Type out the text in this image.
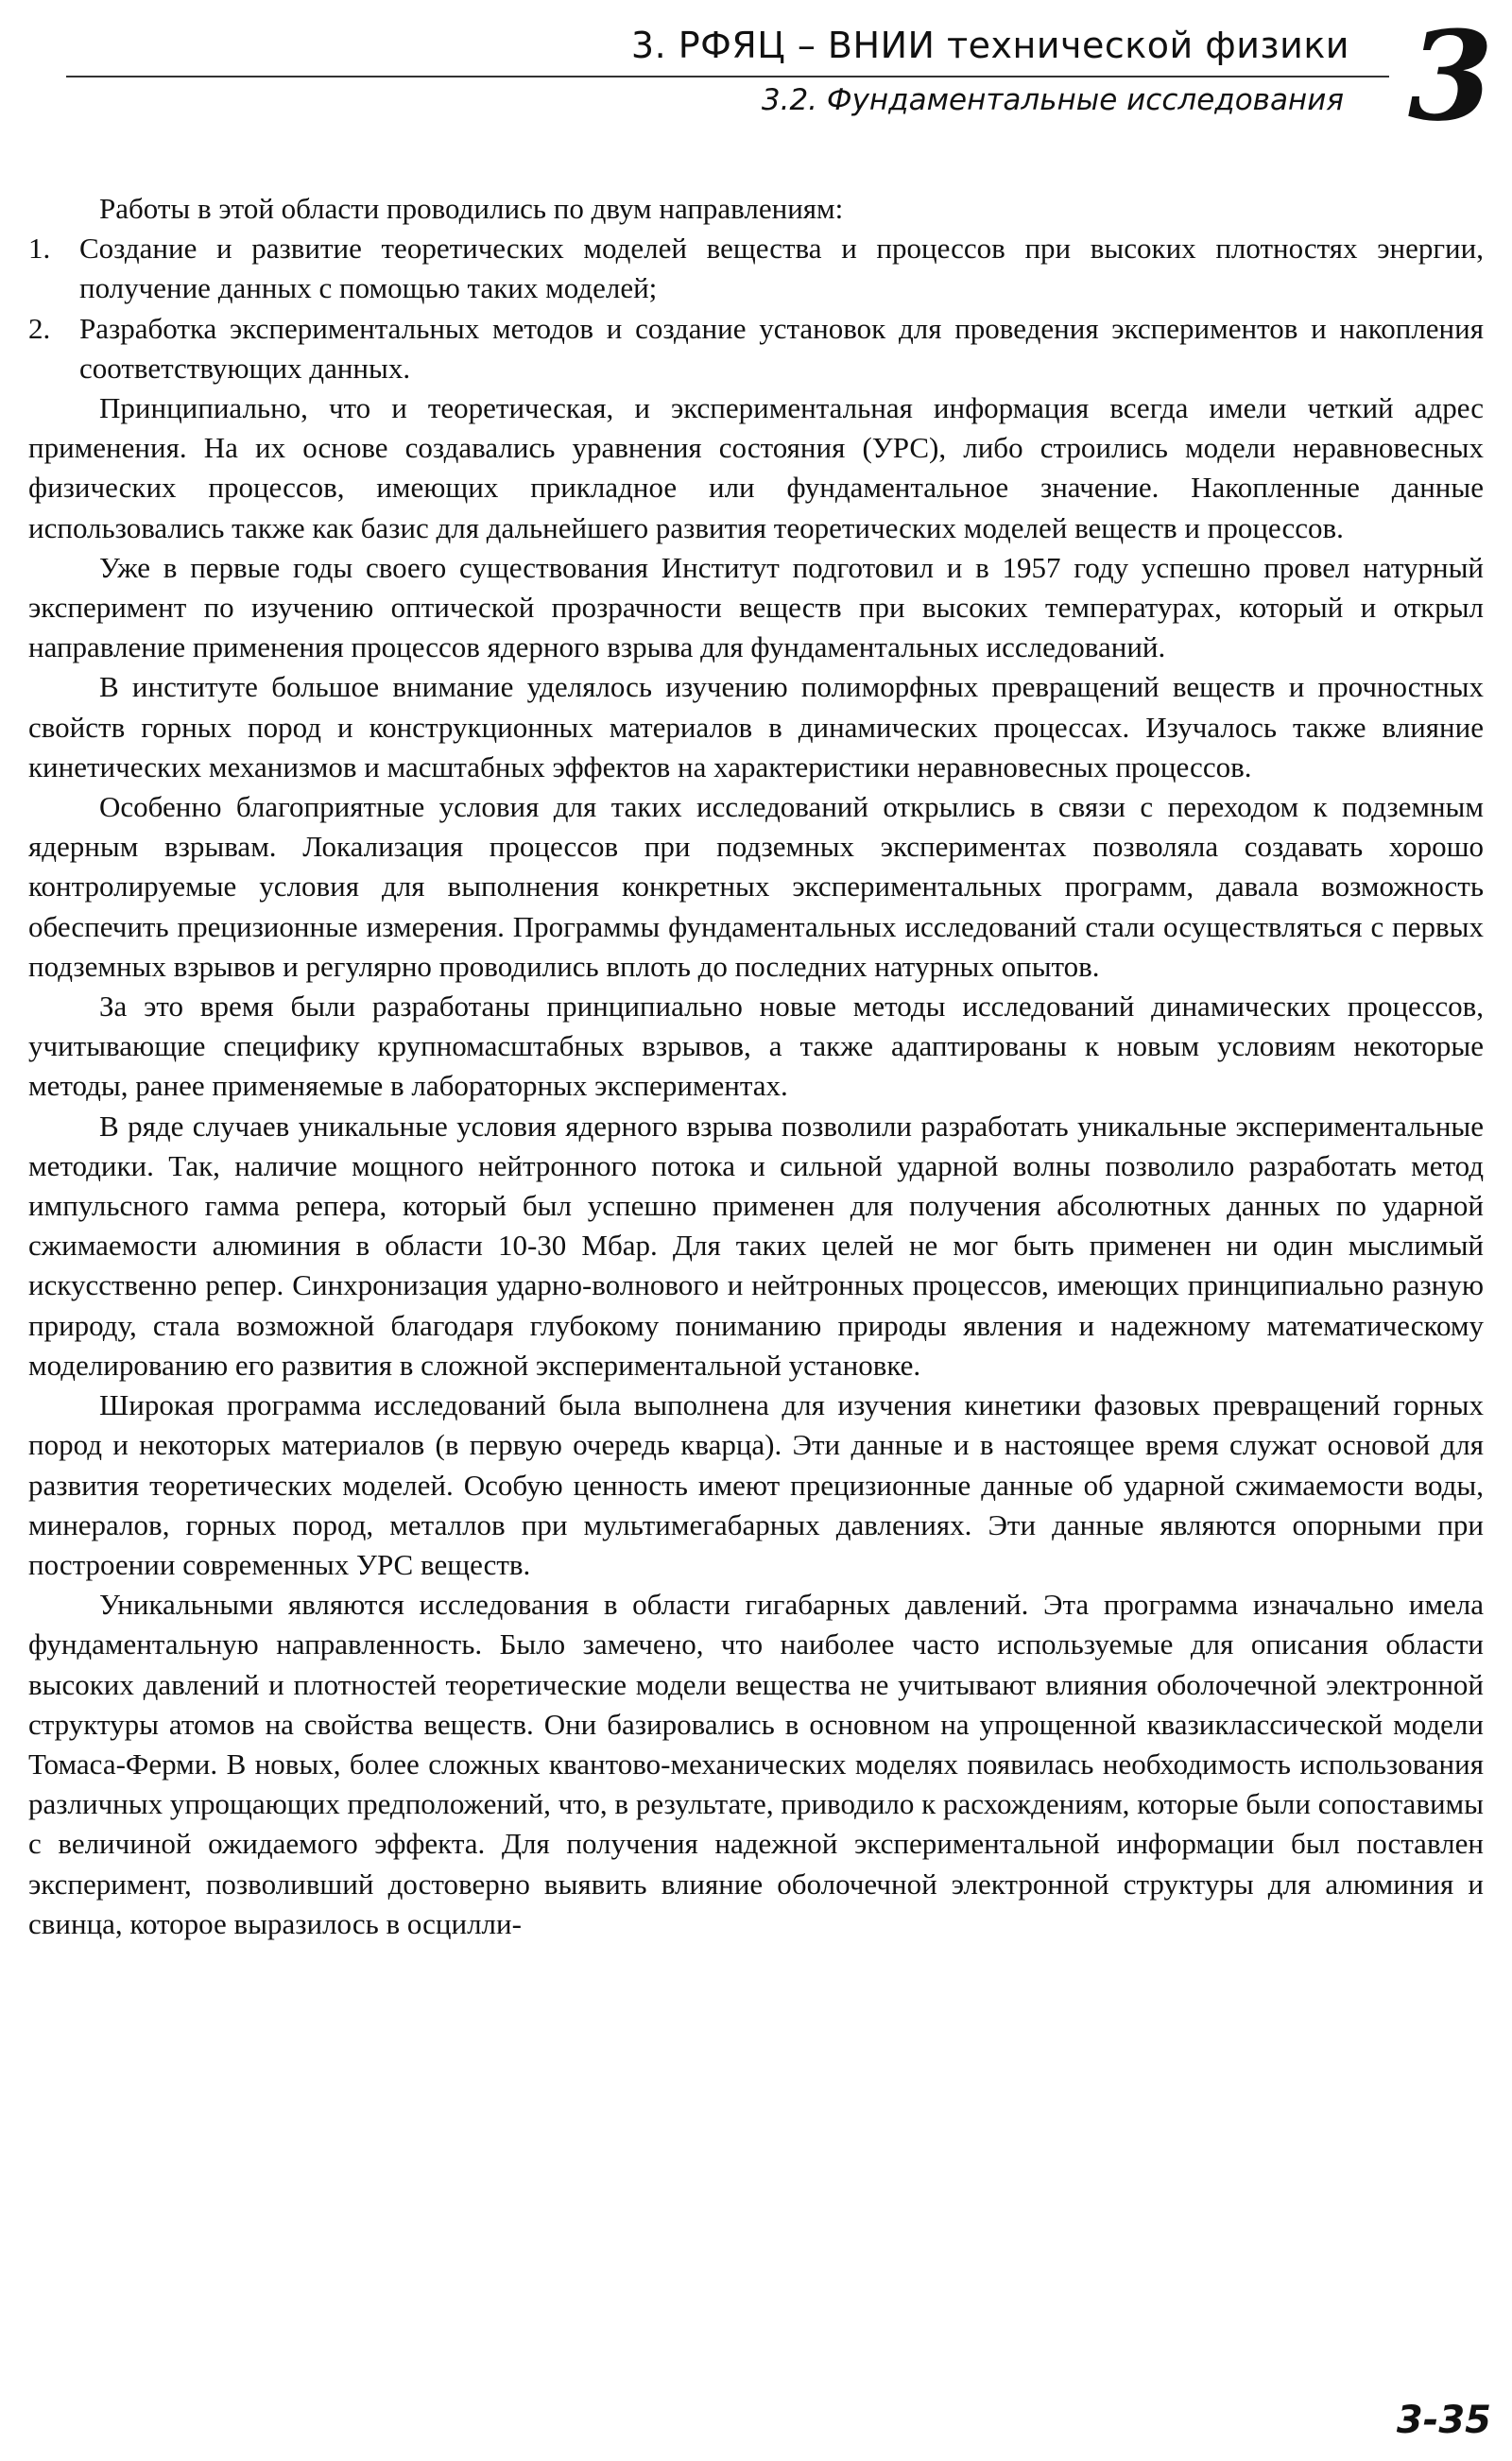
3. РФЯЦ – ВНИИ технической физики
3.2. Фундаментальные исследования 3

Работы в этой области проводились по двум направлениям:

1. Создание и развитие теоретических моделей вещества и процессов при высоких плотностях энергии, получение данных с помощью таких моделей;
2. Разработка экспериментальных методов и создание установок для проведения экспериментов и накопления соответствующих данных.

Принципиально, что и теоретическая, и экспериментальная информация всегда имели четкий адрес применения. На их основе создавались уравнения состояния (УРС), либо строились модели неравновесных физических процессов, имеющих прикладное или фундаментальное значение. Накопленные данные использовались также как базис для дальнейшего развития теоретических моделей веществ и процессов.

Уже в первые годы своего существования Институт подготовил и в 1957 году успешно провел натурный эксперимент по изучению оптической прозрачности веществ при высоких температурах, который и открыл направление применения процессов ядерного взрыва для фундаментальных исследований.

В институте большое внимание уделялось изучению полиморфных превращений веществ и прочностных свойств горных пород и конструкционных материалов в динамических процессах. Изучалось также влияние кинетических механизмов и масштабных эффектов на характеристики неравновесных процессов.

Особенно благоприятные условия для таких исследований открылись в связи с переходом к подземным ядерным взрывам. Локализация процессов при подземных экспериментах позволяла создавать хорошо контролируемые условия для выполнения конкретных экспериментальных программ, давала возможность обеспечить прецизионные измерения. Программы фундаментальных исследований стали осуществляться с первых подземных взрывов и регулярно проводились вплоть до последних натурных опытов.

За это время были разработаны принципиально новые методы исследований динамических процессов, учитывающие специфику крупномасштабных взрывов, а также адаптированы к новым условиям некоторые методы, ранее применяемые в лабораторных экспериментах.

В ряде случаев уникальные условия ядерного взрыва позволили разработать уникальные экспериментальные методики. Так, наличие мощного нейтронного потока и сильной ударной волны позволило разработать метод импульсного гамма репера, который был успешно применен для получения абсолютных данных по ударной сжимаемости алюминия в области 10-30 Мбар. Для таких целей не мог быть применен ни один мыслимый искусственно репер. Синхронизация ударно-волнового и нейтронных процессов, имеющих принципиально разную природу, стала возможной благодаря глубокому пониманию природы явления и надежному математическому моделированию его развития в сложной экспериментальной установке.

Широкая программа исследований была выполнена для изучения кинетики фазовых превращений горных пород и некоторых материалов (в первую очередь кварца). Эти данные и в настоящее время служат основой для развития теоретических моделей. Особую ценность имеют прецизионные данные об ударной сжимаемости воды, минералов, горных пород, металлов при мультимегабарных давлениях. Эти данные являются опорными при построении современных УРС веществ.

Уникальными являются исследования в области гигабарных давлений. Эта программа изначально имела фундаментальную направленность. Было замечено, что наиболее часто используемые для описания области высоких давлений и плотностей теоретические модели вещества не учитывают влияния оболочечной электронной структуры атомов на свойства веществ. Они базировались в основном на упрощенной квазиклассической модели Томаса-Ферми. В новых, более сложных квантово-механических моделях появилась необходимость использования различных упрощающих предположений, что, в результате, приводило к расхождениям, которые были сопоставимы с величиной ожидаемого эффекта. Для получения надежной экспериментальной информации был поставлен эксперимент, позволивший достоверно выявить влияние оболочечной электронной структуры для алюминия и свинца, которое выразилось в осцилли-

3-35
